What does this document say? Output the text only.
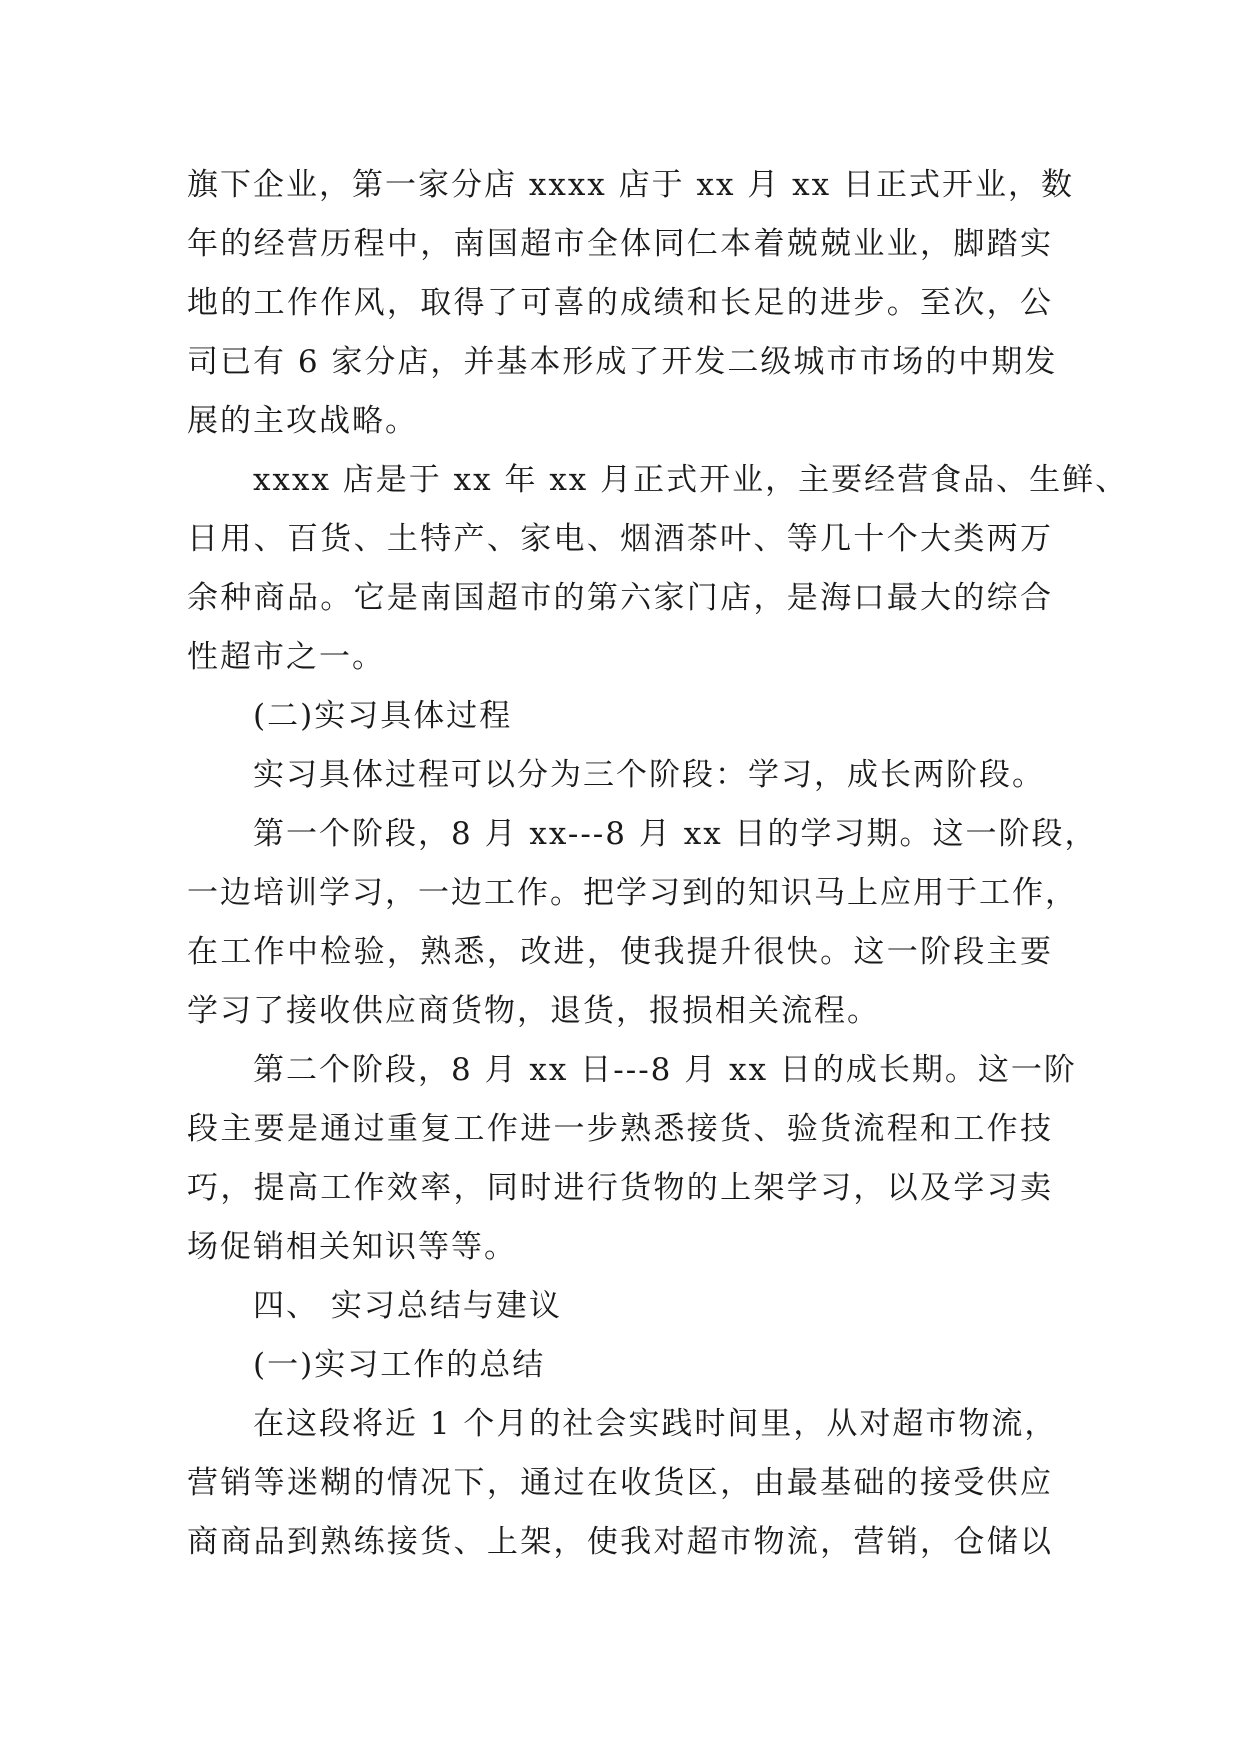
旗下企业，第一家分店 xxxx 店于 xx 月 xx 日正式开业，数
年的经营历程中，南国超市全体同仁本着兢兢业业，脚踏实
地的工作作风，取得了可喜的成绩和长足的进步。至次，公
司已有 6 家分店，并基本形成了开发二级城市市场的中期发
展的主攻战略。
xxxx 店是于 xx 年 xx 月正式开业，主要经营食品、生鲜、
日用、百货、土特产、家电、烟酒茶叶、等几十个大类两万
余种商品。它是南国超市的第六家门店，是海口最大的综合
性超市之一。
(二)实习具体过程
实习具体过程可以分为三个阶段：学习，成长两阶段。
第一个阶段，8 月 xx---8 月 xx 日的学习期。这一阶段，
一边培训学习，一边工作。把学习到的知识马上应用于工作，
在工作中检验，熟悉，改进，使我提升很快。这一阶段主要
学习了接收供应商货物，退货，报损相关流程。
第二个阶段，8 月 xx 日---8 月 xx 日的成长期。这一阶
段主要是通过重复工作进一步熟悉接货、验货流程和工作技
巧，提高工作效率，同时进行货物的上架学习，以及学习卖
场促销相关知识等等。
四、 实习总结与建议
(一)实习工作的总结
在这段将近 1 个月的社会实践时间里，从对超市物流，
营销等迷糊的情况下，通过在收货区，由最基础的接受供应
商商品到熟练接货、上架，使我对超市物流，营销，仓储以
